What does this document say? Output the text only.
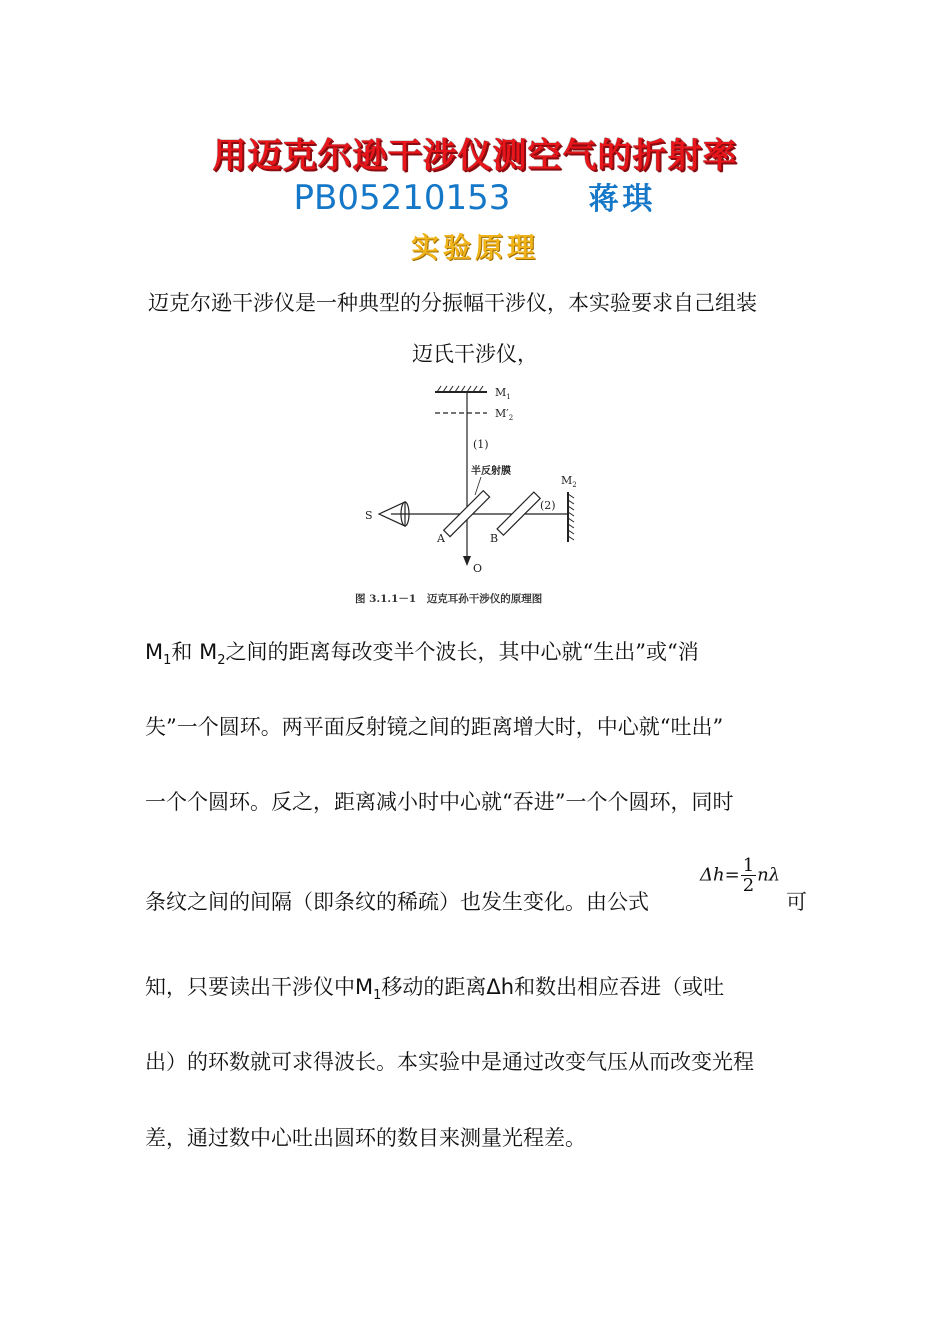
用迈克尔逊干涉仪测空气的折射率
PB05210153	蒋琪
实验原理
迈克尔逊干涉仪是一种典型的分振幅干涉仪，本实验要求自己组装
迈氏干涉仪，
$M_1$
$M'_2$
(1)
半反射膜
S
A	B
(2)
$M_2$
O
图 3.1.1－1　迈克耳孙干涉仪的原理图
$M_1$和 $M_2$之间的距离每改变半个波长，其中心就“生出”或“消
失”一个圆环。两平面反射镜之间的距离增大时，中心就“吐出”
一个个圆环。反之，距离减小时中心就“吞进”一个个圆环，同时
条纹之间的间隔（即条纹的稀疏）也发生变化。由公式
$\Delta h= \frac{1}{2}$ nλ
可
知，只要读出干涉仪中$M_1$移动的距离Δh和数出相应吞进（或吐
出）的环数就可求得波长。本实验中是通过改变气压从而改变光程
差，通过数中心吐出圆环的数目来测量光程差。
